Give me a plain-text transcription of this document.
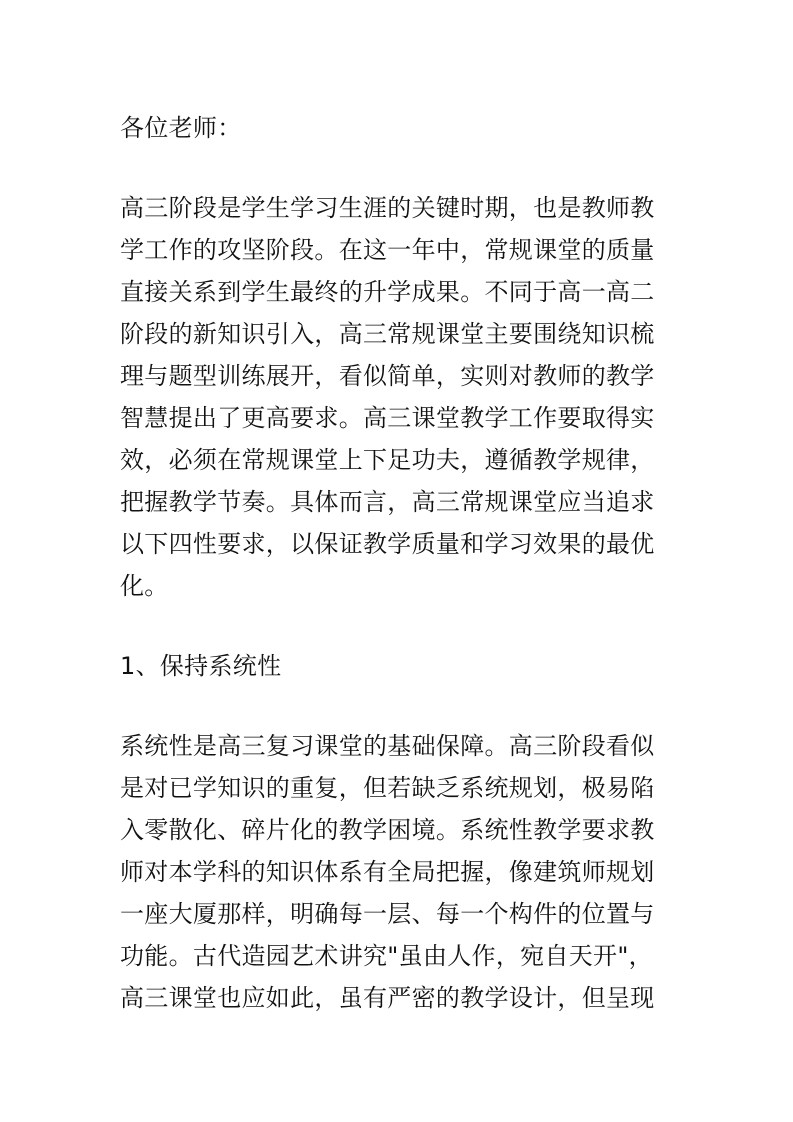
各位老师：
高三阶段是学生学习生涯的关键时期，也是教师教
学工作的攻坚阶段。在这一年中，常规课堂的质量
直接关系到学生最终的升学成果。不同于高一高二
阶段的新知识引入，高三常规课堂主要围绕知识梳
理与题型训练展开，看似简单，实则对教师的教学
智慧提出了更高要求。高三课堂教学工作要取得实
效，必须在常规课堂上下足功夫，遵循教学规律，
把握教学节奏。具体而言，高三常规课堂应当追求
以下四性要求，以保证教学质量和学习效果的最优
化。
1、保持系统性
系统性是高三复习课堂的基础保障。高三阶段看似
是对已学知识的重复，但若缺乏系统规划，极易陷
入零散化、碎片化的教学困境。系统性教学要求教
师对本学科的知识体系有全局把握，像建筑师规划
一座大厦那样，明确每一层、每一个构件的位置与
功能。古代造园艺术讲究"虽由人作，宛自天开"，
高三课堂也应如此，虽有严密的教学设计，但呈现
